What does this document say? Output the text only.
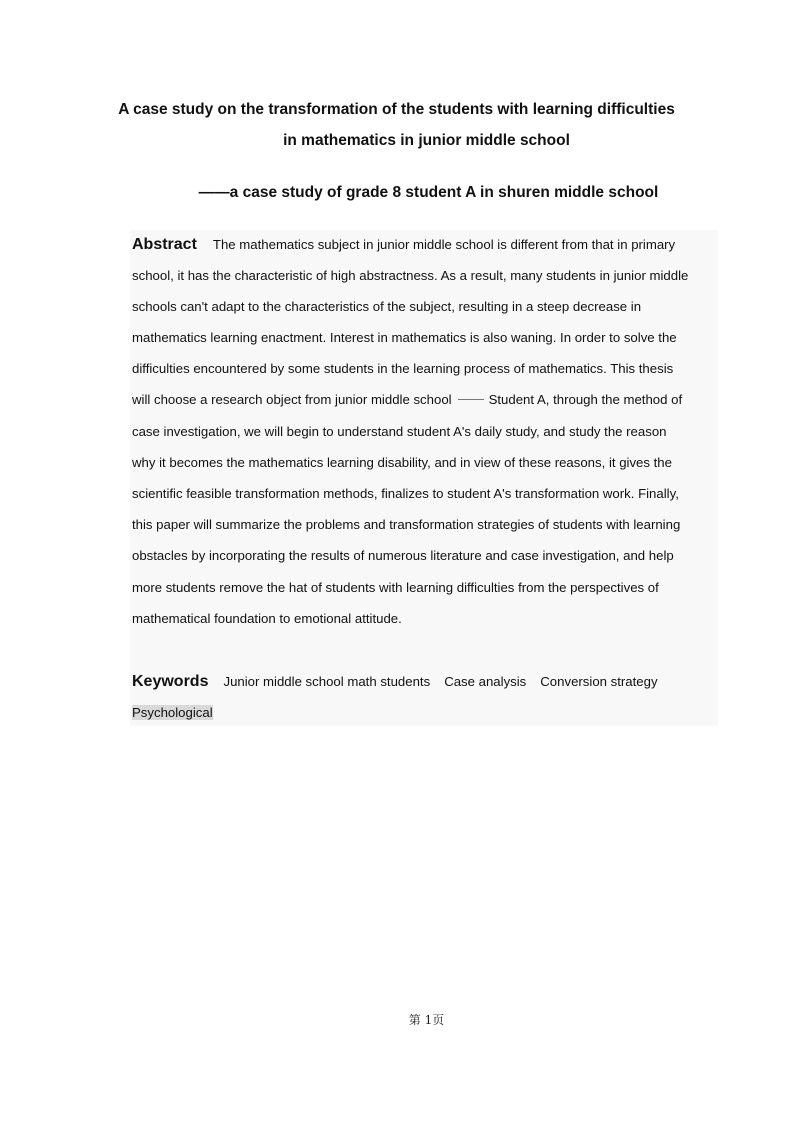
A case study on the transformation of the students with learning difficulties
in mathematics in junior middle school
——a case study of grade 8 student A in shuren middle school
Abstract The mathematics subject in junior middle school is different from that in primary
school, it has the characteristic of high abstractness. As a result, many students in junior middle
schools can't adapt to the characteristics of the subject, resulting in a steep decrease in
mathematics learning enactment. Interest in mathematics is also waning. In order to solve the
difficulties encountered by some students in the learning process of mathematics. This thesis
will choose a research object from junior middle school	Student A, through the method of
case investigation, we will begin to understand student A's daily study, and study the reason
why it becomes the mathematics learning disability, and in view of these reasons, it gives the
scientific feasible transformation methods, finalizes to student A's transformation work. Finally,
this paper will summarize the problems and transformation strategies of students with learning
obstacles by incorporating the results of numerous literature and case investigation, and help
more students remove the hat of students with learning difficulties from the perspectives of
mathematical foundation to emotional attitude.
Keywords Junior middle school math students Case analysis Conversion strategy
Psychological
第 1页
